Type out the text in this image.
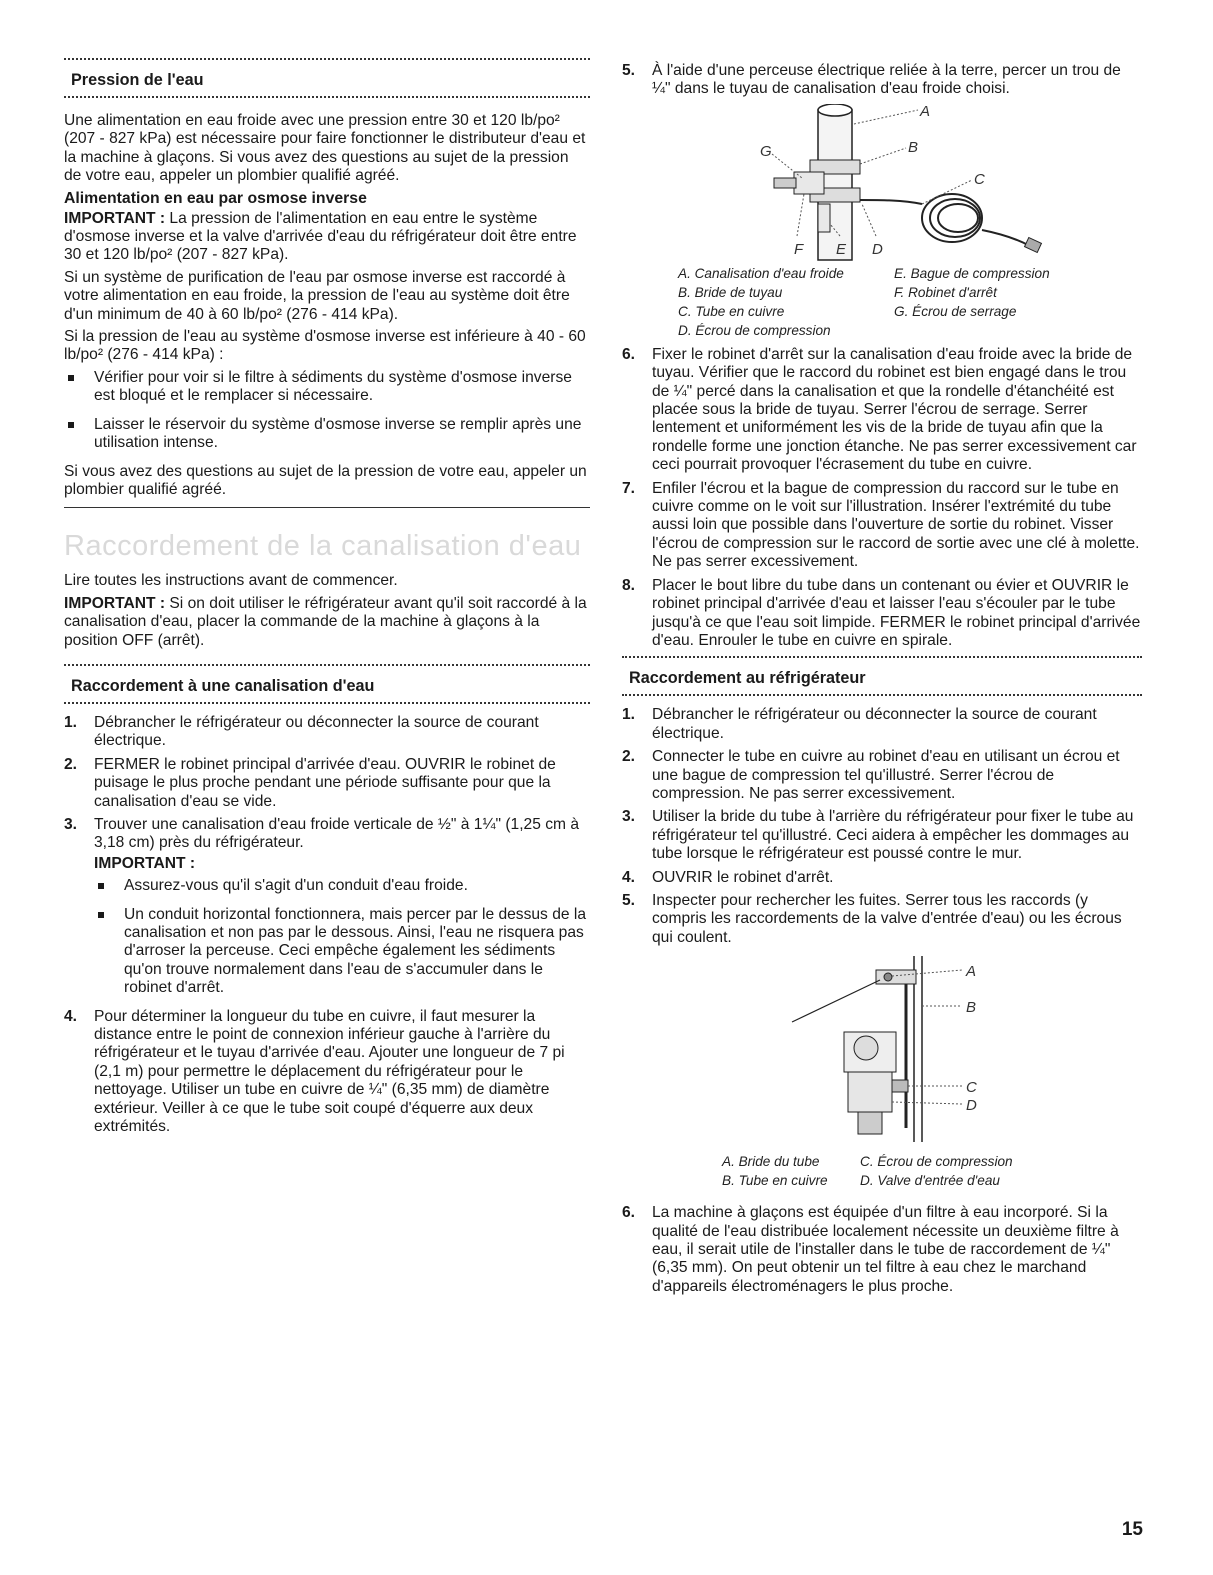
Pression de l'eau

Une alimentation en eau froide avec une pression entre 30 et 120 lb/po² (207 - 827 kPa) est nécessaire pour faire fonctionner le distributeur d'eau et la machine à glaçons. Si vous avez des questions au sujet de la pression de votre eau, appeler un plombier qualifié agréé.

Alimentation en eau par osmose inverse

IMPORTANT : La pression de l'alimentation en eau entre le système d'osmose inverse et la valve d'arrivée d'eau du réfrigérateur doit être entre 30 et 120 lb/po² (207 - 827 kPa).

Si un système de purification de l'eau par osmose inverse est raccordé à votre alimentation en eau froide, la pression de l'eau au système doit être d'un minimum de 40 à 60 lb/po² (276 - 414 kPa).

Si la pression de l'eau au système d'osmose inverse est inférieure à 40 - 60 lb/po² (276 - 414 kPa) :

Vérifier pour voir si le filtre à sédiments du système d'osmose inverse est bloqué et le remplacer si nécessaire.
Laisser le réservoir du système d'osmose inverse se remplir après une utilisation intense.

Si vous avez des questions au sujet de la pression de votre eau, appeler un plombier qualifié agréé.

Raccordement de la canalisation d'eau

Lire toutes les instructions avant de commencer.

IMPORTANT : Si on doit utiliser le réfrigérateur avant qu'il soit raccordé à la canalisation d'eau, placer la commande de la machine à glaçons à la position OFF (arrêt).

Raccordement à une canalisation d'eau
1. Débrancher le réfrigérateur ou déconnecter la source de courant électrique.
2. FERMER le robinet principal d'arrivée d'eau. OUVRIR le robinet de puisage le plus proche pendant une période suffisante pour que la canalisation d'eau se vide.
3. Trouver une canalisation d'eau froide verticale de ½" à 1¼" (1,25 cm à 3,18 cm) près du réfrigérateur.
IMPORTANT :
Assurez-vous qu'il s'agit d'un conduit d'eau froide.
Un conduit horizontal fonctionnera, mais percer par le dessus de la canalisation et non pas par le dessous. Ainsi, l'eau ne risquera pas d'arroser la perceuse. Ceci empêche également les sédiments qu'on trouve normalement dans l'eau de s'accumuler dans le robinet d'arrêt.
4. Pour déterminer la longueur du tube en cuivre, il faut mesurer la distance entre le point de connexion inférieur gauche à l'arrière du réfrigérateur et le tuyau d'arrivée d'eau. Ajouter une longueur de 7 pi (2,1 m) pour permettre le déplacement du réfrigérateur pour le nettoyage. Utiliser un tube en cuivre de ¼" (6,35 mm) de diamètre extérieur. Veiller à ce que le tube soit coupé d'équerre aux deux extrémités.
5. À l'aide d'une perceuse électrique reliée à la terre, percer un trou de ¼" dans le tuyau de canalisation d'eau froide choisi.
A
B
C
D
E
F
G
A. Canalisation d'eau froide	E. Bague de compression
B. Bride de tuyau	F. Robinet d'arrêt
C. Tube en cuivre	G. Écrou de serrage
D. Écrou de compression
6. Fixer le robinet d'arrêt sur la canalisation d'eau froide avec la bride de tuyau. Vérifier que le raccord du robinet est bien engagé dans le trou de ¼" percé dans la canalisation et que la rondelle d'étanchéité est placée sous la bride de tuyau. Serrer l'écrou de serrage. Serrer lentement et uniformément les vis de la bride de tuyau afin que la rondelle forme une jonction étanche. Ne pas serrer excessivement car ceci pourrait provoquer l'écrasement du tube en cuivre.
7. Enfiler l'écrou et la bague de compression du raccord sur le tube en cuivre comme on le voit sur l'illustration. Insérer l'extrémité du tube aussi loin que possible dans l'ouverture de sortie du robinet. Visser l'écrou de compression sur le raccord de sortie avec une clé à molette. Ne pas serrer excessivement.
8. Placer le bout libre du tube dans un contenant ou évier et OUVRIR le robinet principal d'arrivée d'eau et laisser l'eau s'écouler par le tube jusqu'à ce que l'eau soit limpide. FERMER le robinet principal d'arrivée d'eau. Enrouler le tube en cuivre en spirale.
Raccordement au réfrigérateur
1. Débrancher le réfrigérateur ou déconnecter la source de courant électrique.
2. Connecter le tube en cuivre au robinet d'eau en utilisant un écrou et une bague de compression tel qu'illustré. Serrer l'écrou de compression. Ne pas serrer excessivement.
3. Utiliser la bride du tube à l'arrière du réfrigérateur pour fixer le tube au réfrigérateur tel qu'illustré. Ceci aidera à empêcher les dommages au tube lorsque le réfrigérateur est poussé contre le mur.
4. OUVRIR le robinet d'arrêt.
5. Inspecter pour rechercher les fuites. Serrer tous les raccords (y compris les raccordements de la valve d'entrée d'eau) ou les écrous qui coulent.
A
B
C
D
A. Bride du tube	C. Écrou de compression
B. Tube en cuivre	D. Valve d'entrée d'eau
6. La machine à glaçons est équipée d'un filtre à eau incorporé. Si la qualité de l'eau distribuée localement nécessite un deuxième filtre à eau, il serait utile de l'installer dans le tube de raccordement de ¼" (6,35 mm). On peut obtenir un tel filtre à eau chez le marchand d'appareils électroménagers le plus proche.
15
